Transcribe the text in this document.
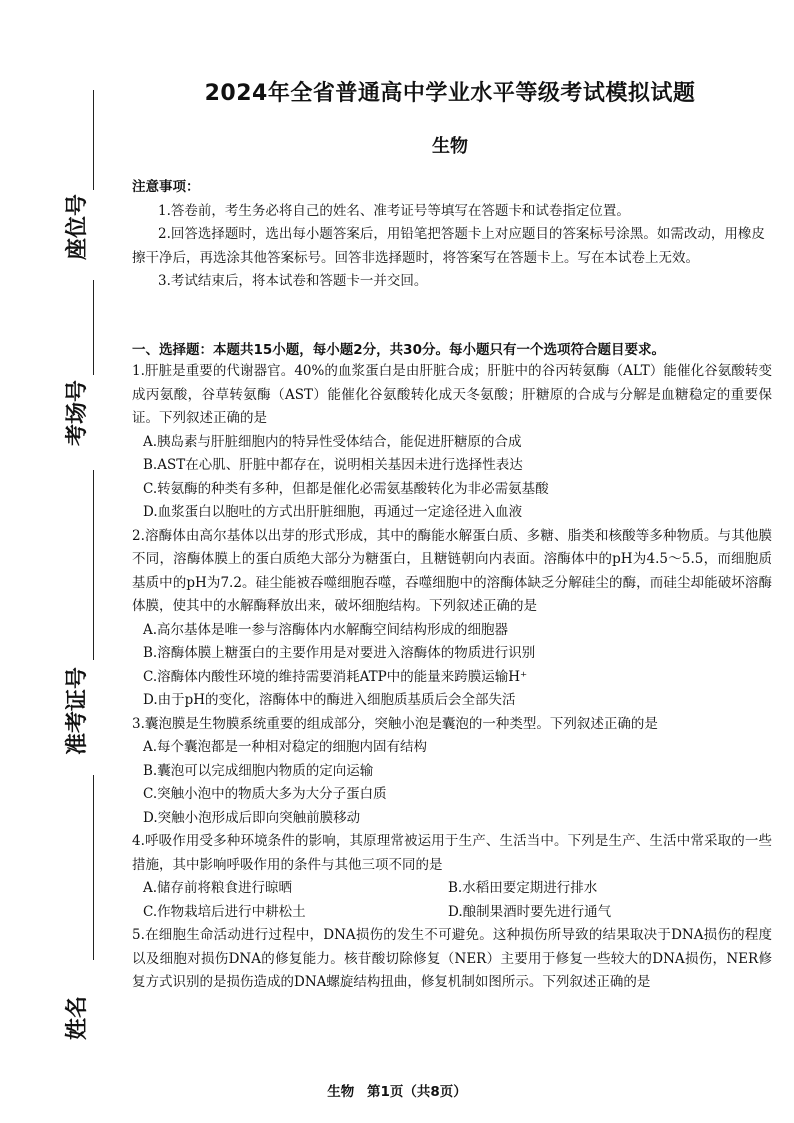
座位号
考场号
准考证号
姓名
2024年全省普通高中学业水平等级考试模拟试题
生物
注意事项：
1.答卷前，考生务必将自己的姓名、准考证号等填写在答题卡和试卷指定位置。
2.回答选择题时，选出每小题答案后，用铅笔把答题卡上对应题目的答案标号涂黑。如需改动，用橡皮擦干净后，再选涂其他答案标号。回答非选择题时，将答案写在答题卡上。写在本试卷上无效。
3.考试结束后，将本试卷和答题卡一并交回。
一、选择题：本题共15小题，每小题2分，共30分。每小题只有一个选项符合题目要求。
1.肝脏是重要的代谢器官。40%的血浆蛋白是由肝脏合成；肝脏中的谷丙转氨酶（ALT）能催化谷氨酸转变成丙氨酸，谷草转氨酶（AST）能催化谷氨酸转化成天冬氨酸；肝糖原的合成与分解是血糖稳定的重要保证。下列叙述正确的是
A.胰岛素与肝脏细胞内的特异性受体结合，能促进肝糖原的合成
B.AST在心肌、肝脏中都存在，说明相关基因未进行选择性表达
C.转氨酶的种类有多种，但都是催化必需氨基酸转化为非必需氨基酸
D.血浆蛋白以胞吐的方式出肝脏细胞，再通过一定途径进入血液
2.溶酶体由高尔基体以出芽的形式形成，其中的酶能水解蛋白质、多糖、脂类和核酸等多种物质。与其他膜不同，溶酶体膜上的蛋白质绝大部分为糖蛋白，且糖链朝向内表面。溶酶体中的pH为4.5～5.5，而细胞质基质中的pH为7.2。硅尘能被吞噬细胞吞噬，吞噬细胞中的溶酶体缺乏分解硅尘的酶，而硅尘却能破坏溶酶体膜，使其中的水解酶释放出来，破坏细胞结构。下列叙述正确的是
A.高尔基体是唯一参与溶酶体内水解酶空间结构形成的细胞器
B.溶酶体膜上糖蛋白的主要作用是对要进入溶酶体的物质进行识别
C.溶酶体内酸性环境的维持需要消耗ATP中的能量来跨膜运输H⁺
D.由于pH的变化，溶酶体中的酶进入细胞质基质后会全部失活
3.囊泡膜是生物膜系统重要的组成部分，突触小泡是囊泡的一种类型。下列叙述正确的是
A.每个囊泡都是一种相对稳定的细胞内固有结构
B.囊泡可以完成细胞内物质的定向运输
C.突触小泡中的物质大多为大分子蛋白质
D.突触小泡形成后即向突触前膜移动
4.呼吸作用受多种环境条件的影响，其原理常被运用于生产、生活当中。下列是生产、生活中常采取的一些措施，其中影响呼吸作用的条件与其他三项不同的是
A.储存前将粮食进行晾晒	B.水稻田要定期进行排水
C.作物栽培后进行中耕松土	D.酿制果酒时要先进行通气
5.在细胞生命活动进行过程中，DNA损伤的发生不可避免。这种损伤所导致的结果取决于DNA损伤的程度以及细胞对损伤DNA的修复能力。核苷酸切除修复（NER）主要用于修复一些较大的DNA损伤，NER修复方式识别的是损伤造成的DNA螺旋结构扭曲，修复机制如图所示。下列叙述正确的是
生物 第1页（共8页）
